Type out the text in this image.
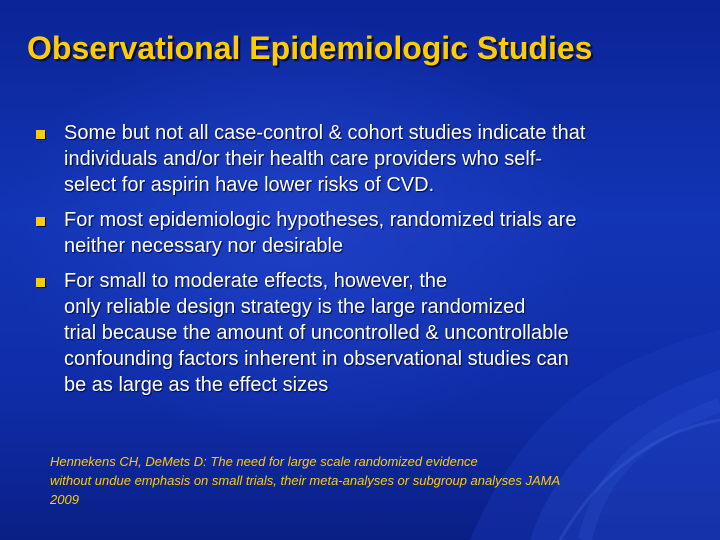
Observational Epidemiologic Studies
Some but not all case-control & cohort studies indicate that
individuals and/or their health care providers who self-
select for aspirin have lower risks of CVD.
For most epidemiologic hypotheses, randomized trials are
neither necessary nor desirable
For small to moderate effects, however, the
only reliable design strategy is the large randomized
trial because the amount of uncontrolled & uncontrollable
confounding factors inherent in observational studies can
be as large as the effect sizes

Hennekens CH, DeMets D: The need for large scale randomized evidence
without undue emphasis on small trials, their meta-analyses or subgroup analyses JAMA
2009
